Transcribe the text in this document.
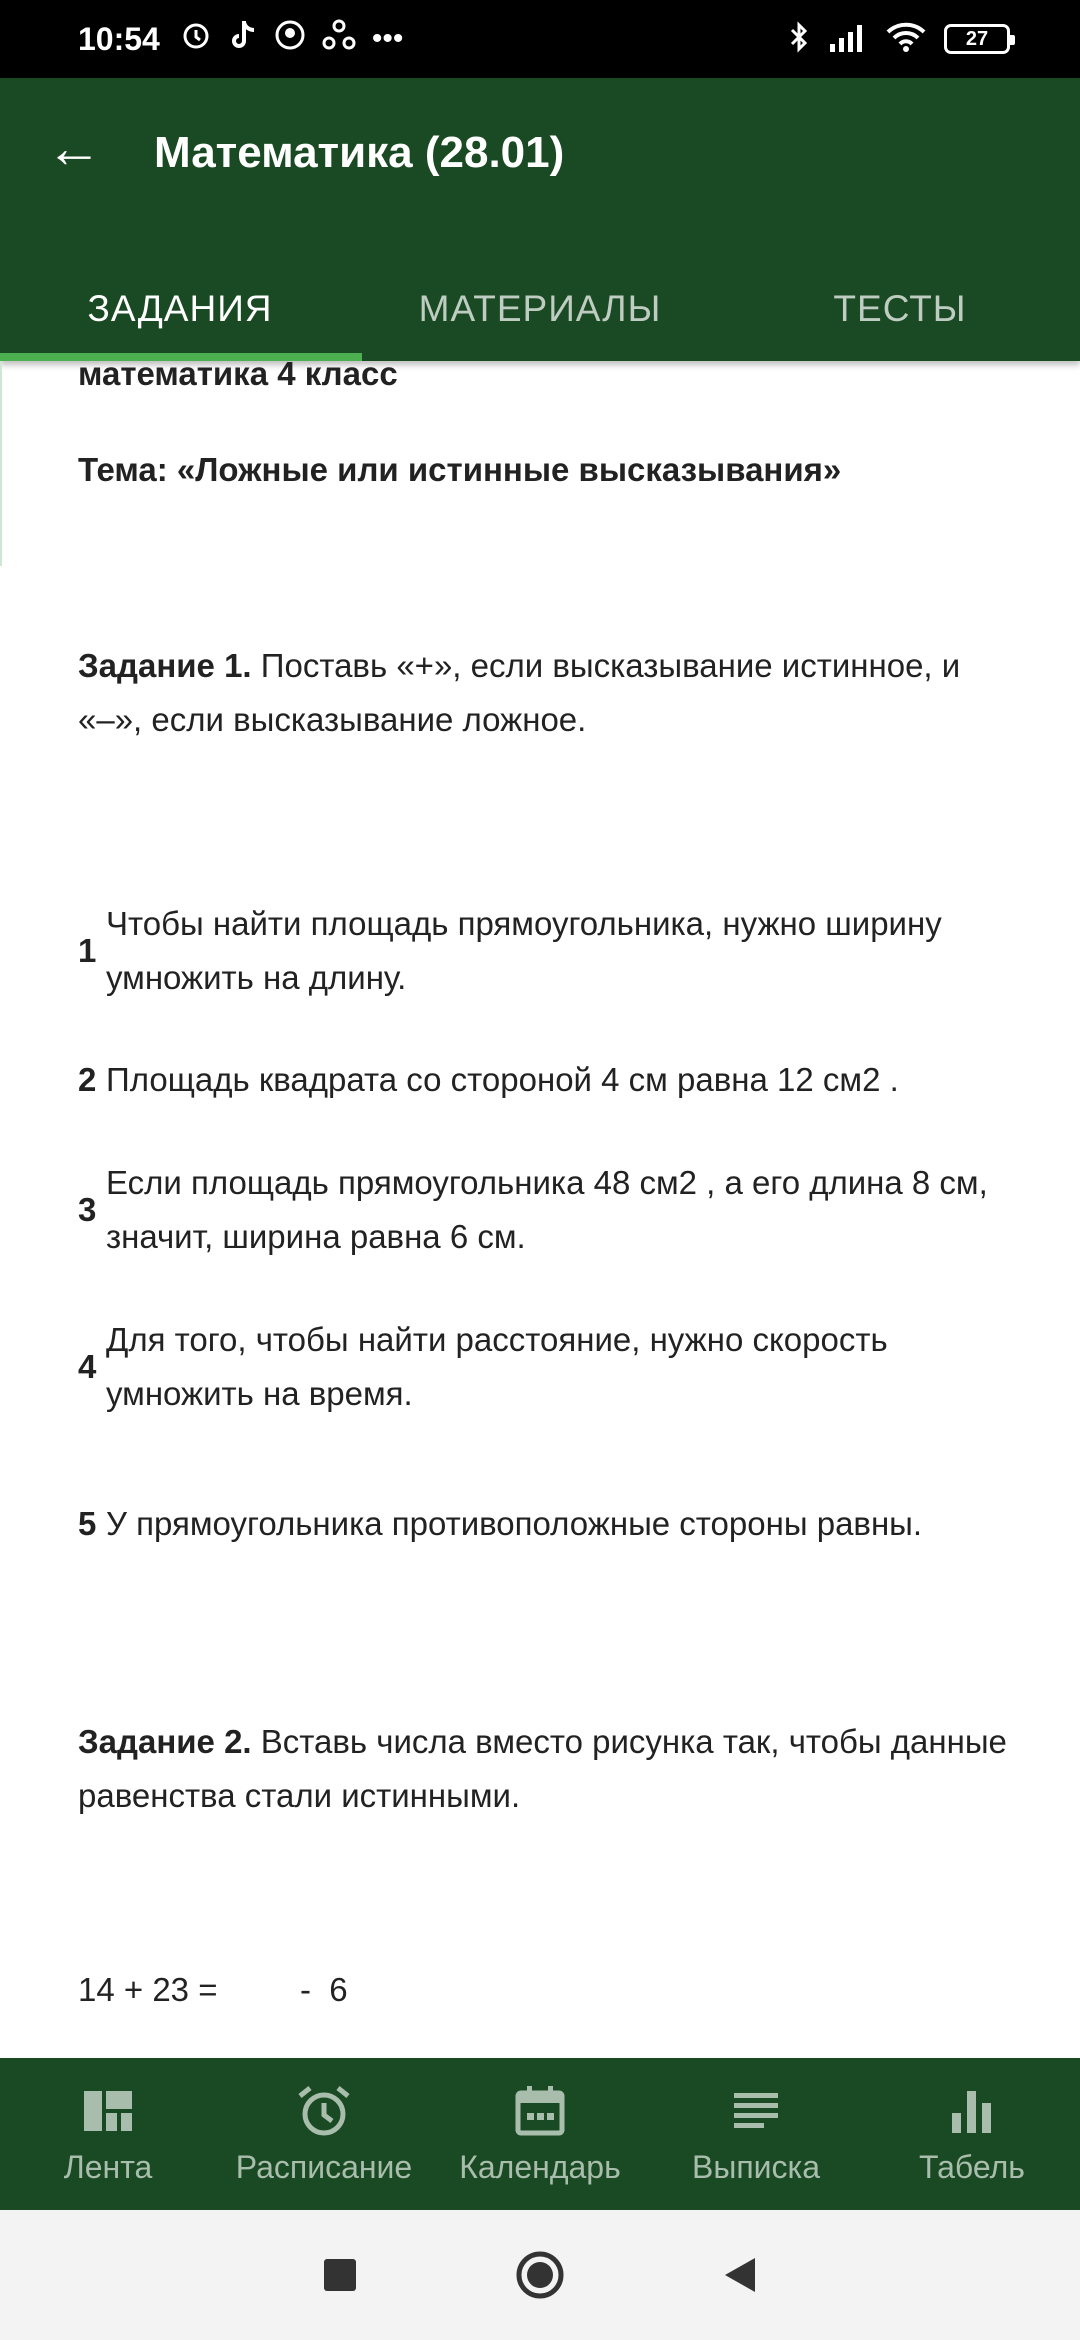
10:54	•••	27
← Математика (28.01)
ЗАДАНИЯ	МАТЕРИАЛЫ	ТЕСТЫ
математика 4 класс
Тема: «Ложные или истинные высказывания»
Задание 1. Поставь «+», если высказывание истинное, и «–», если высказывание ложное.
1
Чтобы найти площадь прямоугольника, нужно ширину умножить на длину.
2 Площадь квадрата со стороной 4 см равна 12 см2 .
3
Если площадь прямоугольника 48 см2 , а его длина 8 см, значит, ширина равна 6 см.
4
Для того, чтобы найти расстояние, нужно скорость умножить на время.
5 У прямоугольника противоположные стороны равны.
Задание 2. Вставь числа вместо рисунка так, чтобы данные равенства стали истинными.
14 + 23 =         -  6
Лента	Расписание Календарь Выписка	Табель
